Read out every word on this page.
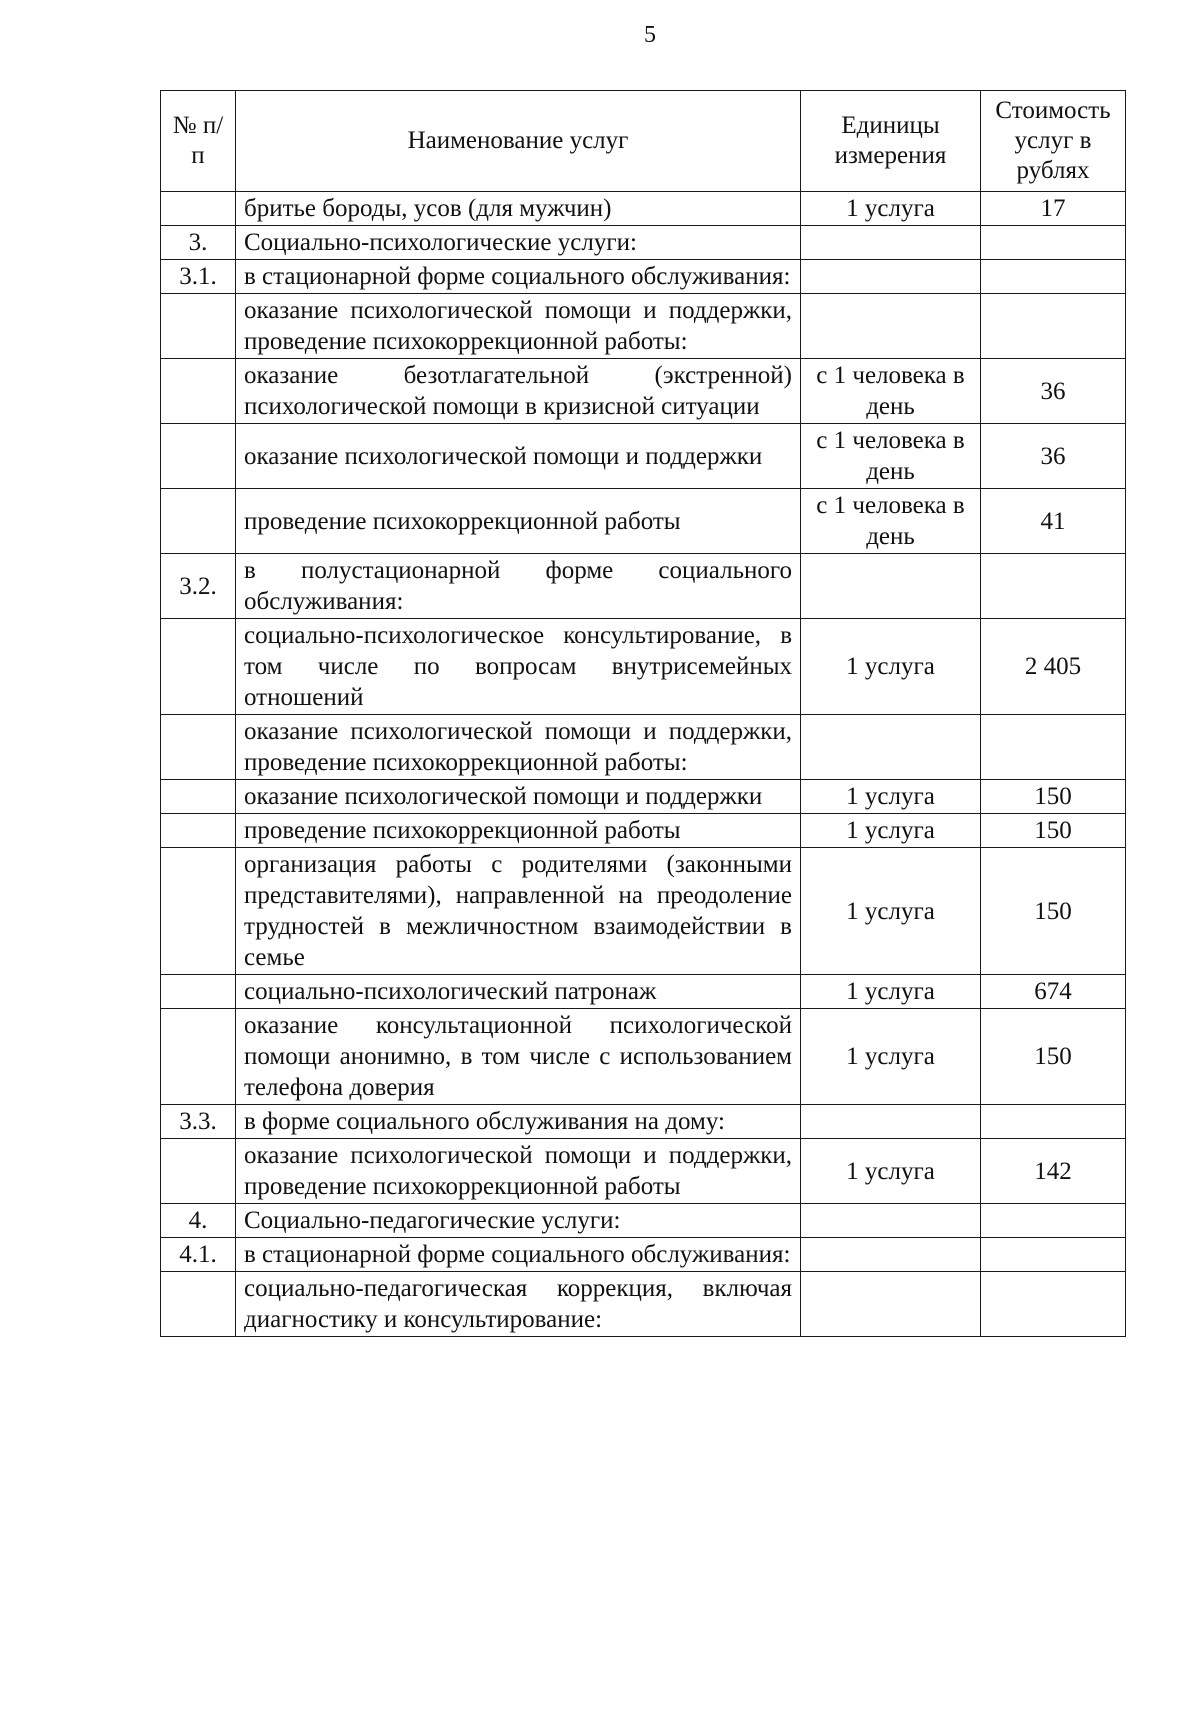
5
№ п/п	Наименование услуг	Единицы измерения	Стоимость услуг в рублях
	бритье бороды, усов (для мужчин)	1 услуга	17
3.	Социально-психологические услуги:		
3.1.	в стационарной форме социального обслуживания:		
	оказание психологической помощи и поддержки, проведение психокоррекционной работы:		
	оказание безотлагательной (экстренной) психологической помощи в кризисной ситуации	с 1 человека в день	36
	оказание психологической помощи и поддержки	с 1 человека в день	36
	проведение психокоррекционной работы	с 1 человека в день	41
3.2.	в полустационарной форме социального обслуживания:		
	социально-психологическое консультирование, в том числе по вопросам внутрисемейных отношений	1 услуга	2 405
	оказание психологической помощи и поддержки, проведение психокоррекционной работы:		
	оказание психологической помощи и поддержки	1 услуга	150
	проведение психокоррекционной работы	1 услуга	150
	организация работы с родителями (законными представителями), направленной на преодоление трудностей в межличностном взаимодействии в семье	1 услуга	150
	социально-психологический патронаж	1 услуга	674
	оказание консультационной психологической помощи анонимно, в том числе с использованием телефона доверия	1 услуга	150
3.3.	в форме социального обслуживания на дому:		
	оказание психологической помощи и поддержки, проведение психокоррекционной работы	1 услуга	142
4.	Социально-педагогические услуги:		
4.1.	в стационарной форме социального обслуживания:		
	социально-педагогическая коррекция, включая диагностику и консультирование:		
